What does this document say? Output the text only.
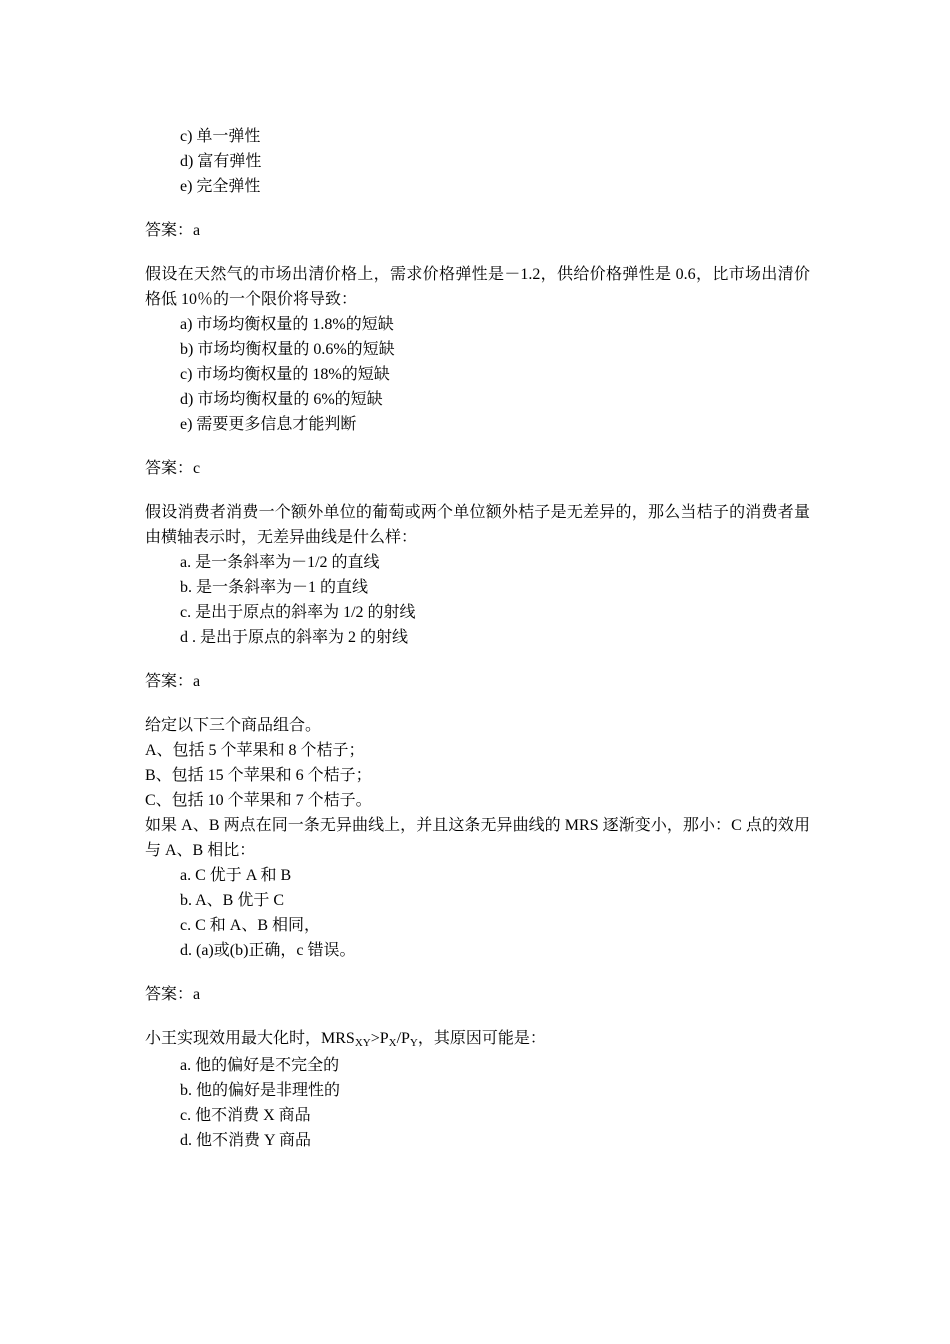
c) 单一弹性

d) 富有弹性

e) 完全弹性

答案：a

假设在天然气的市场出清价格上，需求价格弹性是－1.2，供给价格弹性是 0.6，比市场出清价格低 10％的一个限价将导致：

a) 市场均衡权量的 1.8%的短缺

b) 市场均衡权量的 0.6%的短缺

c) 市场均衡权量的 18%的短缺

d) 市场均衡权量的 6%的短缺

e) 需要更多信息才能判断

答案：c

假设消费者消费一个额外单位的葡萄或两个单位额外桔子是无差异的，那么当桔子的消费者量由横轴表示时，无差异曲线是什么样：

a. 是一条斜率为－1/2 的直线

b. 是一条斜率为－1 的直线

c. 是出于原点的斜率为 1/2 的射线

d . 是出于原点的斜率为 2 的射线

答案：a

给定以下三个商品组合。

A、包括 5 个苹果和 8 个桔子；

B、包括 15 个苹果和 6 个桔子；

C、包括 10 个苹果和 7 个桔子。

如果 A、B 两点在同一条无异曲线上，并且这条无异曲线的 MRS 逐渐变小，那小：C 点的效用与 A、B 相比：

a. C 优于 A 和 B

b. A、B 优于 C

c. C 和 A、B 相同，

d. (a)或(b)正确，c 错误。

答案：a

小王实现效用最大化时，$MRS_{XY}>P_X/P_Y$，其原因可能是：

a. 他的偏好是不完全的

b. 他的偏好是非理性的

c. 他不消费 X 商品

d. 他不消费 Y 商品
